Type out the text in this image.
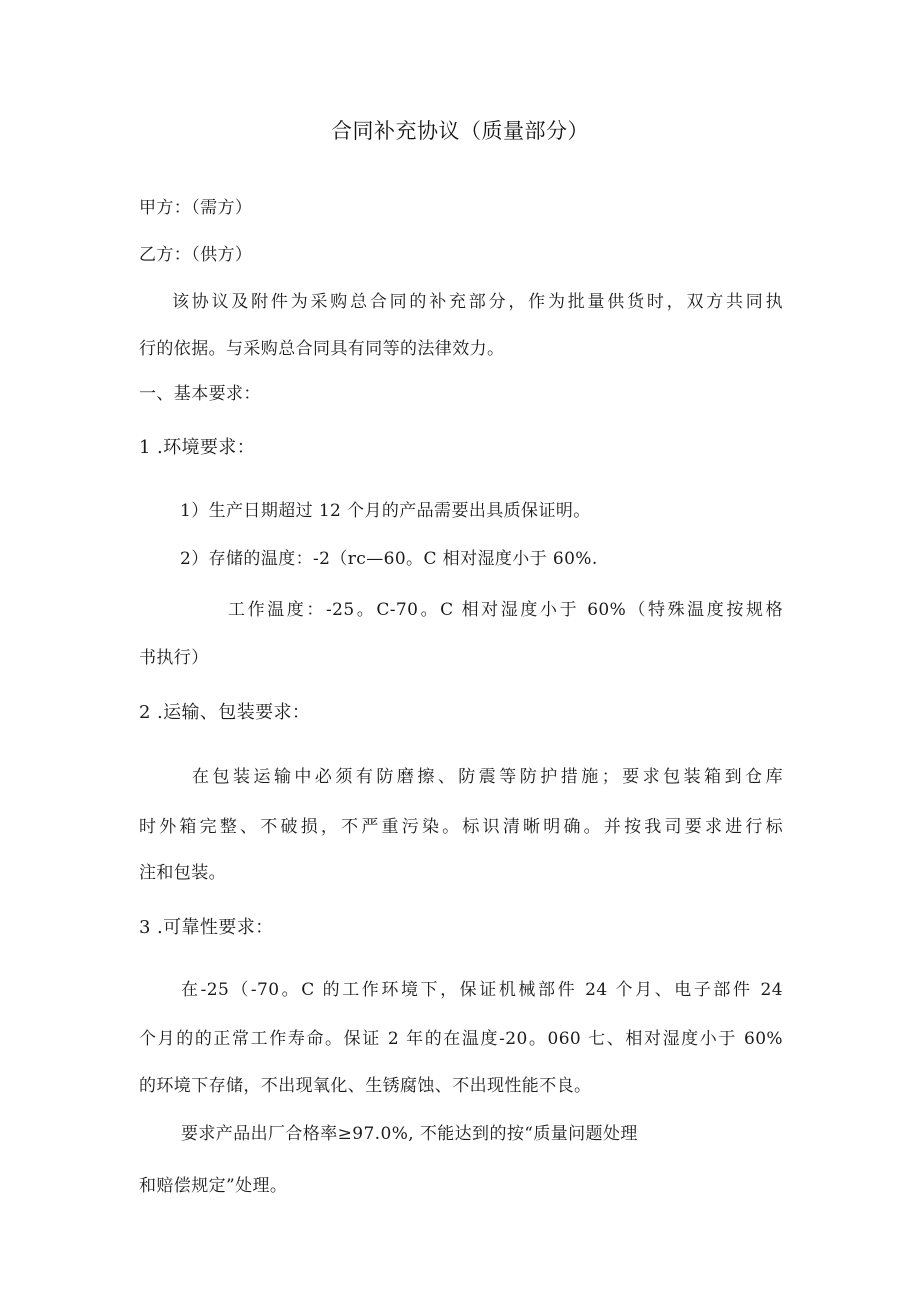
合同补充协议（质量部分）
甲方：（需方）
乙方：（供方）
该协议及附件为采购总合同的补充部分，作为批量供货时，双方共同执
行的依据。与采购总合同具有同等的法律效力。
一、基本要求：
1 .环境要求：
1）生产日期超过 12 个月的产品需要出具质保证明。
2）存储的温度：-2（rc—60。C 相对湿度小于 60%.
工作温度：-25。C-70。C 相对湿度小于 60%（特殊温度按规格
书执行）
2 .运输、包装要求：
在包装运输中必须有防磨擦、防震等防护措施；要求包装箱到仓库
时外箱完整、不破损，不严重污染。标识清晰明确。并按我司要求进行标
注和包装。
3 .可靠性要求：
在-25（-70。C 的工作环境下，保证机械部件 24 个月、电子部件 24
个月的的正常工作寿命。保证 2 年的在温度-20。060 七、相对湿度小于 60%
的环境下存储，不出现氧化、生锈腐蚀、不出现性能不良。
要求产品出厂合格率≥97.0%, 不能达到的按“质量问题处理
和赔偿规定”处理。
